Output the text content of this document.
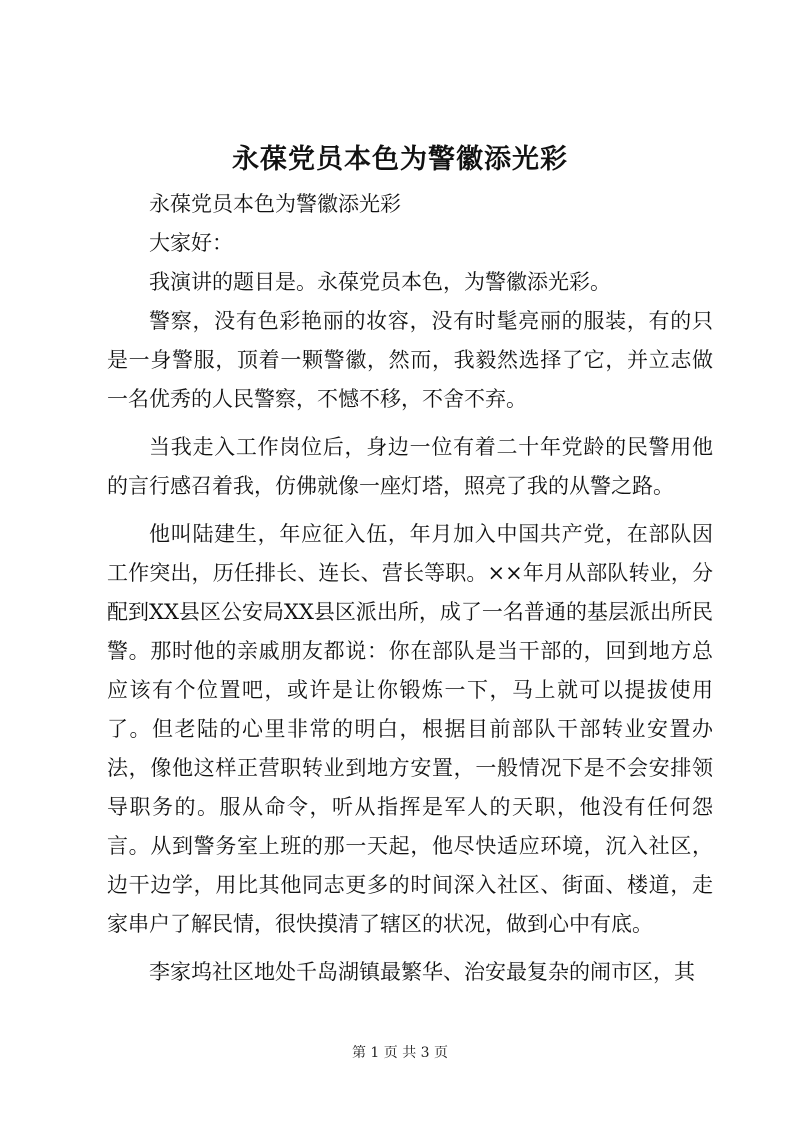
永葆党员本色为警徽添光彩

永葆党员本色为警徽添光彩

大家好：

我演讲的题目是。永葆党员本色，为警徽添光彩。

警察，没有色彩艳丽的妆容，没有时髦亮丽的服装，有的只是一身警服，顶着一颗警徽，然而，我毅然选择了它，并立志做一名优秀的人民警察，不憾不移，不舍不弃。

当我走入工作岗位后，身边一位有着二十年党龄的民警用他的言行感召着我，仿佛就像一座灯塔，照亮了我的从警之路。

他叫陆建生，年应征入伍，年月加入中国共产党，在部队因工作突出，历任排长、连长、营长等职。××年月从部队转业，分配到XX县区公安局XX县区派出所，成了一名普通的基层派出所民警。那时他的亲戚朋友都说：你在部队是当干部的，回到地方总应该有个位置吧，或许是让你锻炼一下，马上就可以提拔使用了。但老陆的心里非常的明白，根据目前部队干部转业安置办法，像他这样正营职转业到地方安置，一般情况下是不会安排领导职务的。服从命令，听从指挥是军人的天职，他没有任何怨言。从到警务室上班的那一天起，他尽快适应环境，沉入社区，边干边学，用比其他同志更多的时间深入社区、街面、楼道，走家串户了解民情，很快摸清了辖区的状况，做到心中有底。

李家坞社区地处千岛湖镇最繁华、治安最复杂的闹市区，其

第 1 页 共 3 页
